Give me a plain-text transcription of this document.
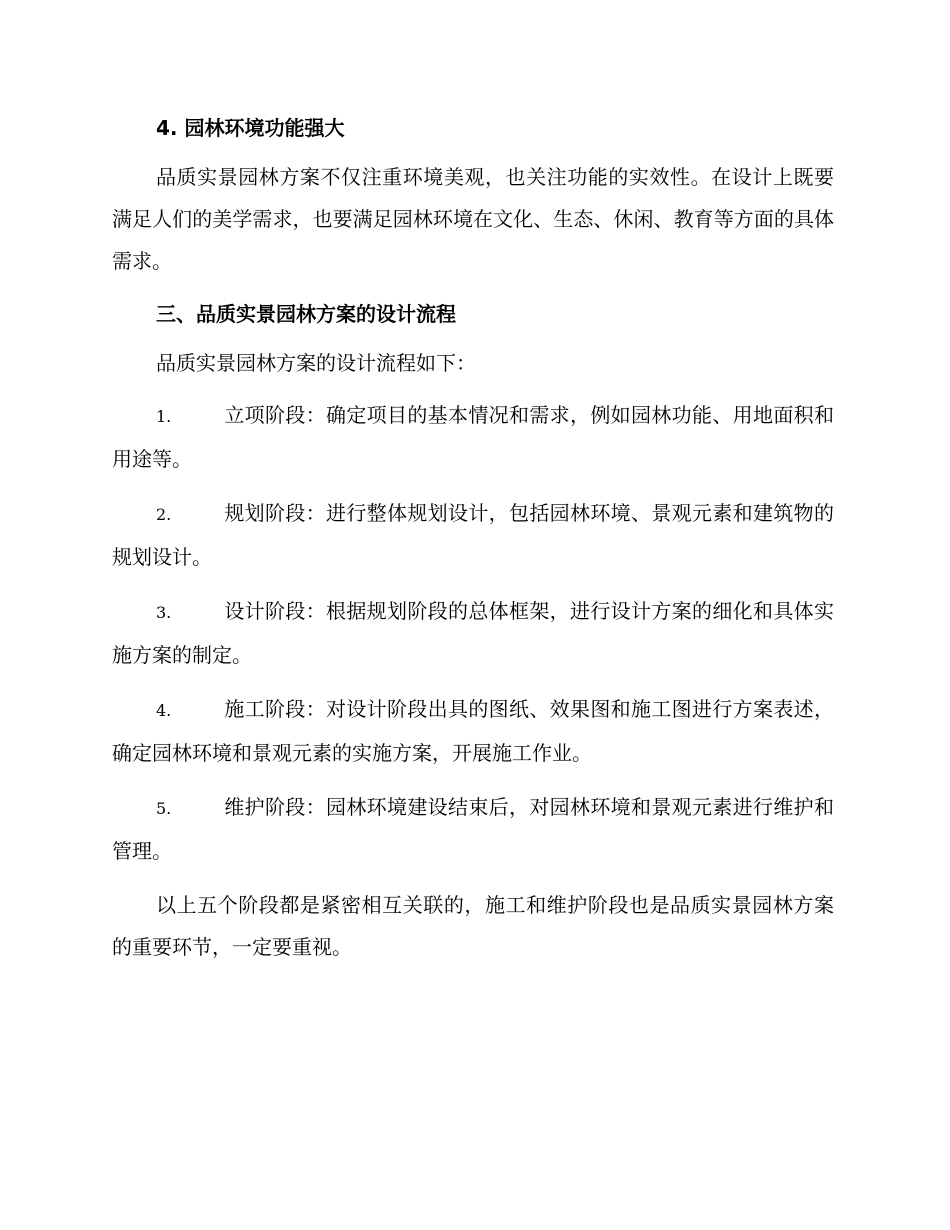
4. 园林环境功能强大

品质实景园林方案不仅注重环境美观，也关注功能的实效性。在设计上既要满足人们的美学需求，也要满足园林环境在文化、生态、休闲、教育等方面的具体需求。

三、品质实景园林方案的设计流程

品质实景园林方案的设计流程如下：

1.	立项阶段：确定项目的基本情况和需求，例如园林功能、用地面积和用途等。

2.	规划阶段：进行整体规划设计，包括园林环境、景观元素和建筑物的规划设计。

3.	设计阶段：根据规划阶段的总体框架，进行设计方案的细化和具体实施方案的制定。

4.	施工阶段：对设计阶段出具的图纸、效果图和施工图进行方案表述，确定园林环境和景观元素的实施方案，开展施工作业。

5.	维护阶段：园林环境建设结束后，对园林环境和景观元素进行维护和管理。

以上五个阶段都是紧密相互关联的，施工和维护阶段也是品质实景园林方案的重要环节，一定要重视。
